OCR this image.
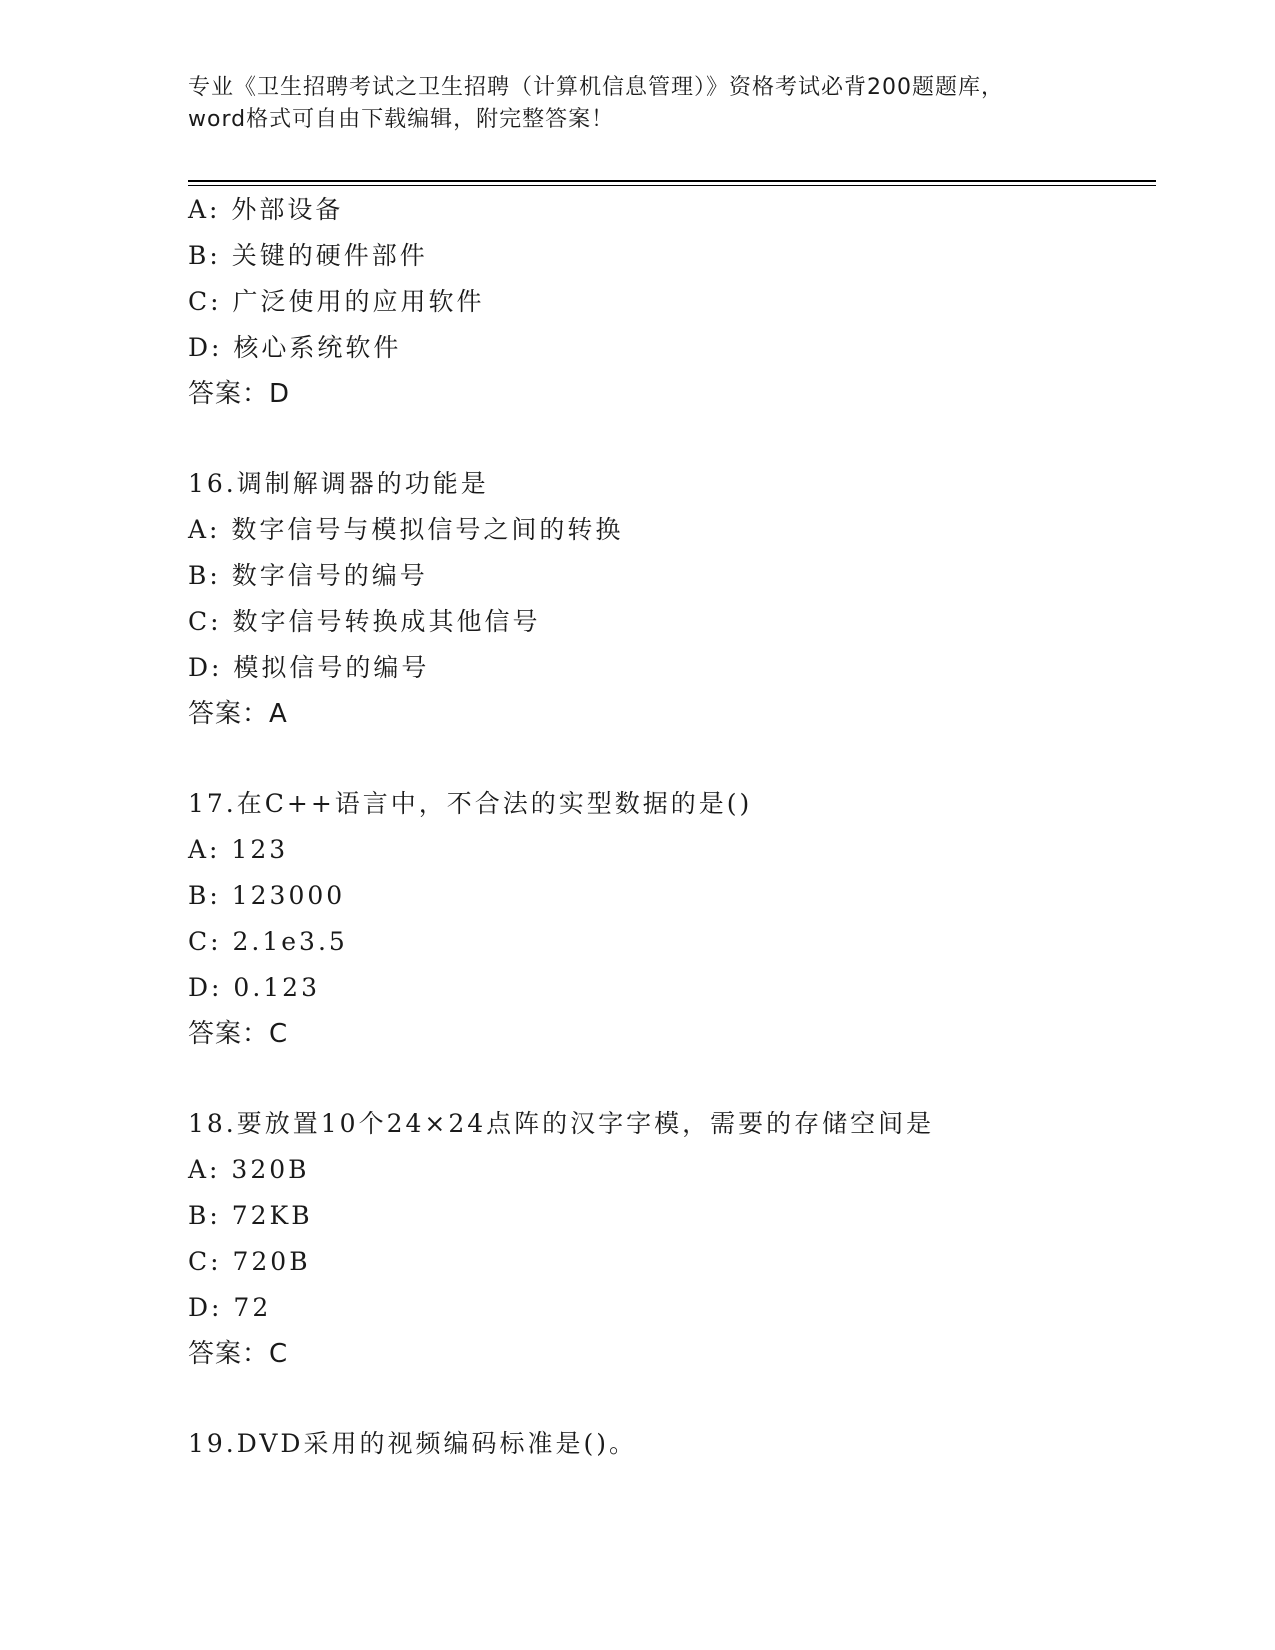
专业《卫生招聘考试之卫生招聘（计算机信息管理）》资格考试必背200题题库，
word格式可自由下载编辑，附完整答案！
A: 外部设备
B: 关键的硬件部件
C: 广泛使用的应用软件
D: 核心系统软件
答案：D
16.调制解调器的功能是
A: 数字信号与模拟信号之间的转换
B: 数字信号的编号
C: 数字信号转换成其他信号
D: 模拟信号的编号
答案：A
17.在C++语言中，不合法的实型数据的是()
A: 123
B: 123000
C: 2.1e3.5
D: 0.123
答案：C
18.要放置10个24×24点阵的汉字字模，需要的存储空间是
A: 320B
B: 72KB
C: 720B
D: 72
答案：C
19.DVD采用的视频编码标准是()。
